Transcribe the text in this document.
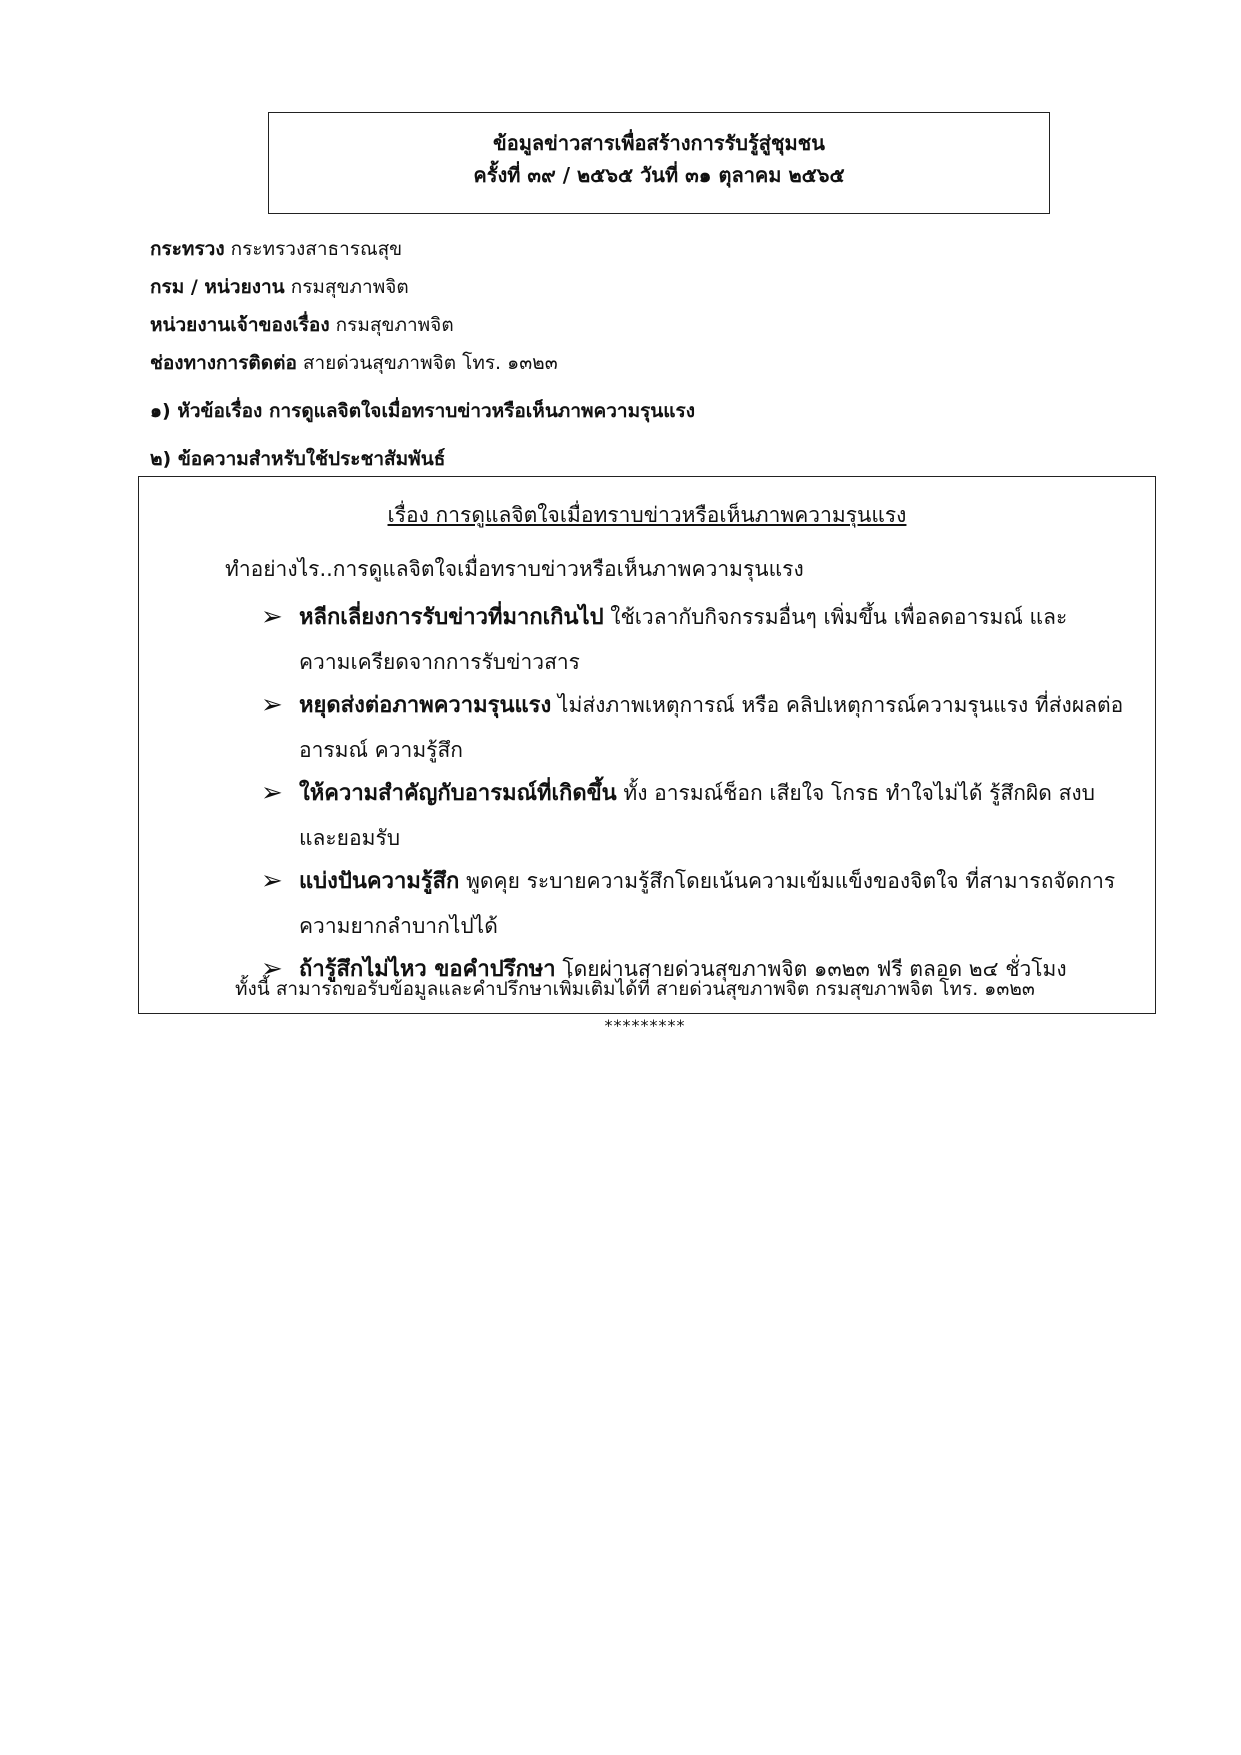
ข้อมูลข่าวสารเพื่อสร้างการรับรู้สู่ชุมชน
ครั้งที่ ๓๙ / ๒๕๖๕ วันที่ ๓๑ ตุลาคม ๒๕๖๕
กระทรวง กระทรวงสาธารณสุข
กรม / หน่วยงาน กรมสุขภาพจิต
หน่วยงานเจ้าของเรื่อง กรมสุขภาพจิต
ช่องทางการติดต่อ สายด่วนสุขภาพจิต โทร. ๑๓๒๓
๑) หัวข้อเรื่อง การดูแลจิตใจเมื่อทราบข่าวหรือเห็นภาพความรุนแรง
๒) ข้อความสำหรับใช้ประชาสัมพันธ์
เรื่อง การดูแลจิตใจเมื่อทราบข่าวหรือเห็นภาพความรุนแรง
ทำอย่างไร..การดูแลจิตใจเมื่อทราบข่าวหรือเห็นภาพความรุนแรง
➢ หลีกเลี่ยงการรับข่าวที่มากเกินไป ใช้เวลากับกิจกรรมอื่นๆ เพิ่มขึ้น เพื่อลดอารมณ์ และความเครียดจากการรับข่าวสาร
➢ หยุดส่งต่อภาพความรุนแรง ไม่ส่งภาพเหตุการณ์ หรือ คลิปเหตุการณ์ความรุนแรง ที่ส่งผลต่ออารมณ์ ความรู้สึก
➢ ให้ความสำคัญกับอารมณ์ที่เกิดขึ้น ทั้ง อารมณ์ช็อก เสียใจ โกรธ ทำใจไม่ได้ รู้สึกผิด สงบและยอมรับ
➢ แบ่งปันความรู้สึก พูดคุย ระบายความรู้สึกโดยเน้นความเข้มแข็งของจิตใจ ที่สามารถจัดการความยากลำบากไปได้
➢ ถ้ารู้สึกไม่ไหว ขอคำปรึกษา โดยผ่านสายด่วนสุขภาพจิต ๑๓๒๓ ฟรี ตลอด ๒๔ ชั่วโมง
ทั้งนี้ สามารถขอรับข้อมูลและคำปรึกษาเพิ่มเติมได้ที่ สายด่วนสุขภาพจิต กรมสุขภาพจิต โทร. ๑๓๒๓
*********
